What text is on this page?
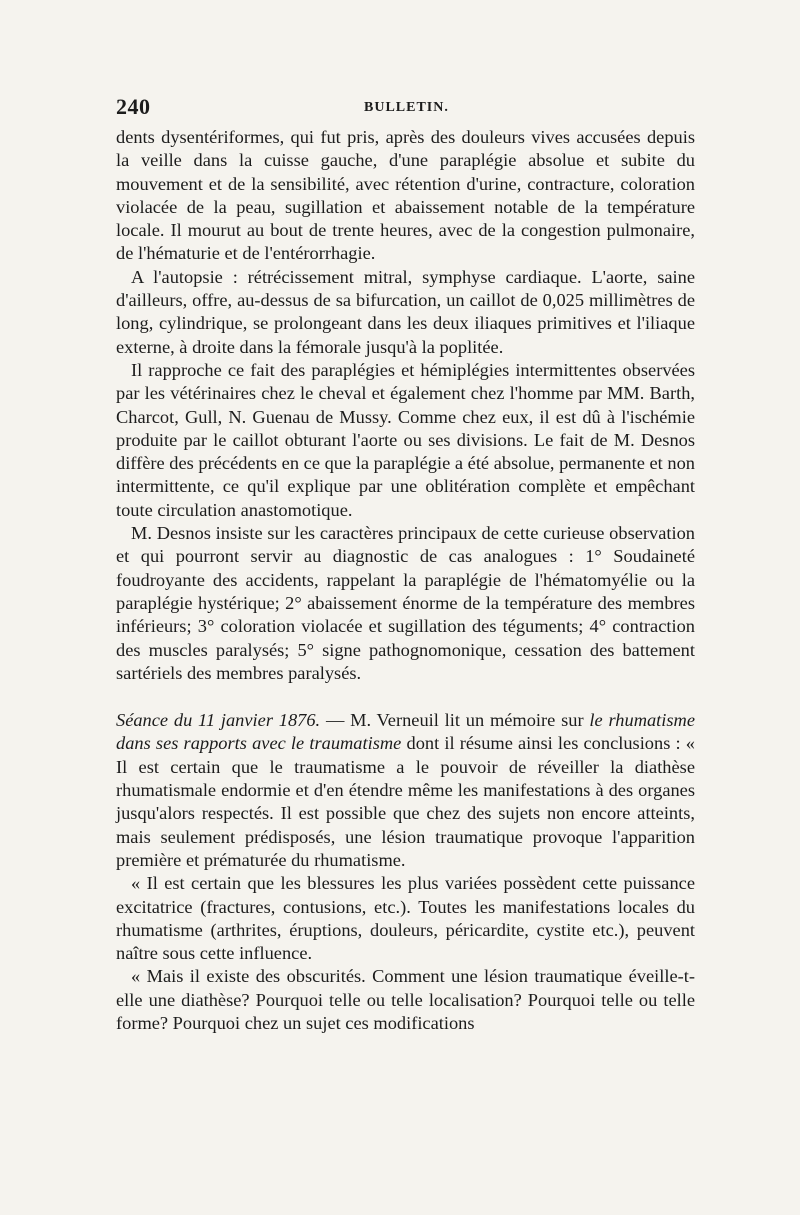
240	BULLETIN.

dents dysentériformes, qui fut pris, après des douleurs vives accusées depuis la veille dans la cuisse gauche, d'une paraplégie absolue et subite du mouvement et de la sensibilité, avec rétention d'urine, contracture, coloration violacée de la peau, sugillation et abaissement notable de la température locale. Il mourut au bout de trente heures, avec de la congestion pulmonaire, de l'hématurie et de l'entérorrhagie.

A l'autopsie : rétrécissement mitral, symphyse cardiaque. L'aorte, saine d'ailleurs, offre, au-dessus de sa bifurcation, un caillot de 0,025 millimètres de long, cylindrique, se prolongeant dans les deux iliaques primitives et l'iliaque externe, à droite dans la fémorale jusqu'à la poplitée.

Il rapproche ce fait des paraplégies et hémiplégies intermittentes observées par les vétérinaires chez le cheval et également chez l'homme par MM. Barth, Charcot, Gull, N. Guenau de Mussy. Comme chez eux, il est dû à l'ischémie produite par le caillot obturant l'aorte ou ses divisions. Le fait de M. Desnos diffère des précédents en ce que la paraplégie a été absolue, permanente et non intermittente, ce qu'il explique par une oblitération complète et empêchant toute circulation anastomotique.

M. Desnos insiste sur les caractères principaux de cette curieuse observation et qui pourront servir au diagnostic de cas analogues : 1° Soudaineté foudroyante des accidents, rappelant la paraplégie de l'hématomyélie ou la paraplégie hystérique; 2° abaissement énorme de la température des membres inférieurs; 3° coloration violacée et sugillation des téguments; 4° contraction des muscles paralysés; 5° signe pathognomonique, cessation des battement sartériels des membres paralysés.

Séance du 11 janvier 1876. — M. Verneuil lit un mémoire sur le rhumatisme dans ses rapports avec le traumatisme dont il résume ainsi les conclusions : « Il est certain que le traumatisme a le pouvoir de réveiller la diathèse rhumatismale endormie et d'en étendre même les manifestations à des organes jusqu'alors respectés. Il est possible que chez des sujets non encore atteints, mais seulement prédisposés, une lésion traumatique provoque l'apparition première et prématurée du rhumatisme.

« Il est certain que les blessures les plus variées possèdent cette puissance excitatrice (fractures, contusions, etc.). Toutes les manifestations locales du rhumatisme (arthrites, éruptions, douleurs, péricardite, cystite etc.), peuvent naître sous cette influence.

« Mais il existe des obscurités. Comment une lésion traumatique éveille-t-elle une diathèse? Pourquoi telle ou telle localisation? Pourquoi telle ou telle forme? Pourquoi chez un sujet ces modifications
